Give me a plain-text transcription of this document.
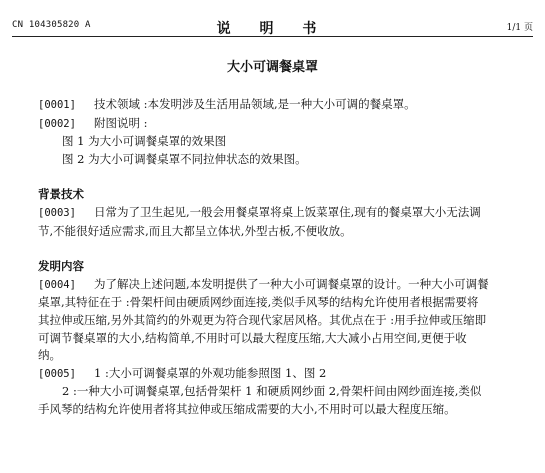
CN 104305820 A	说 明 书	1/1 页
大小可调餐桌罩

[0001] 技术领域 :本发明涉及生活用品领域,是一种大小可调的餐桌罩。

[0002] 附图说明 :

图 1 为大小可调餐桌罩的效果图

图 2 为大小可调餐桌罩不同拉伸状态的效果图。

背景技术

[0003] 日常为了卫生起见,一般会用餐桌罩将桌上饭菜罩住,现有的餐桌罩大小无法调

节,不能很好适应需求,而且大都呈立体状,外型古板,不便收放。

发明内容

[0004] 为了解决上述问题,本发明提供了一种大小可调餐桌罩的设计。一种大小可调餐

桌罩,其特征在于 :骨架杆间由硬质网纱面连接,类似手风琴的结构允许使用者根据需要将

其拉伸或压缩,另外其简约的外观更为符合现代家居风格。其优点在于 :用手拉伸或压缩即

可调节餐桌罩的大小,结构简单,不用时可以最大程度压缩,大大减小占用空间,更便于收

纳。

[0005] 1 :大小可调餐桌罩的外观功能参照图 1、图 2

2 :一种大小可调餐桌罩,包括骨架杆 1 和硬质网纱面 2,骨架杆间由网纱面连接,类似

手风琴的结构允许使用者将其拉伸或压缩成需要的大小,不用时可以最大程度压缩。
